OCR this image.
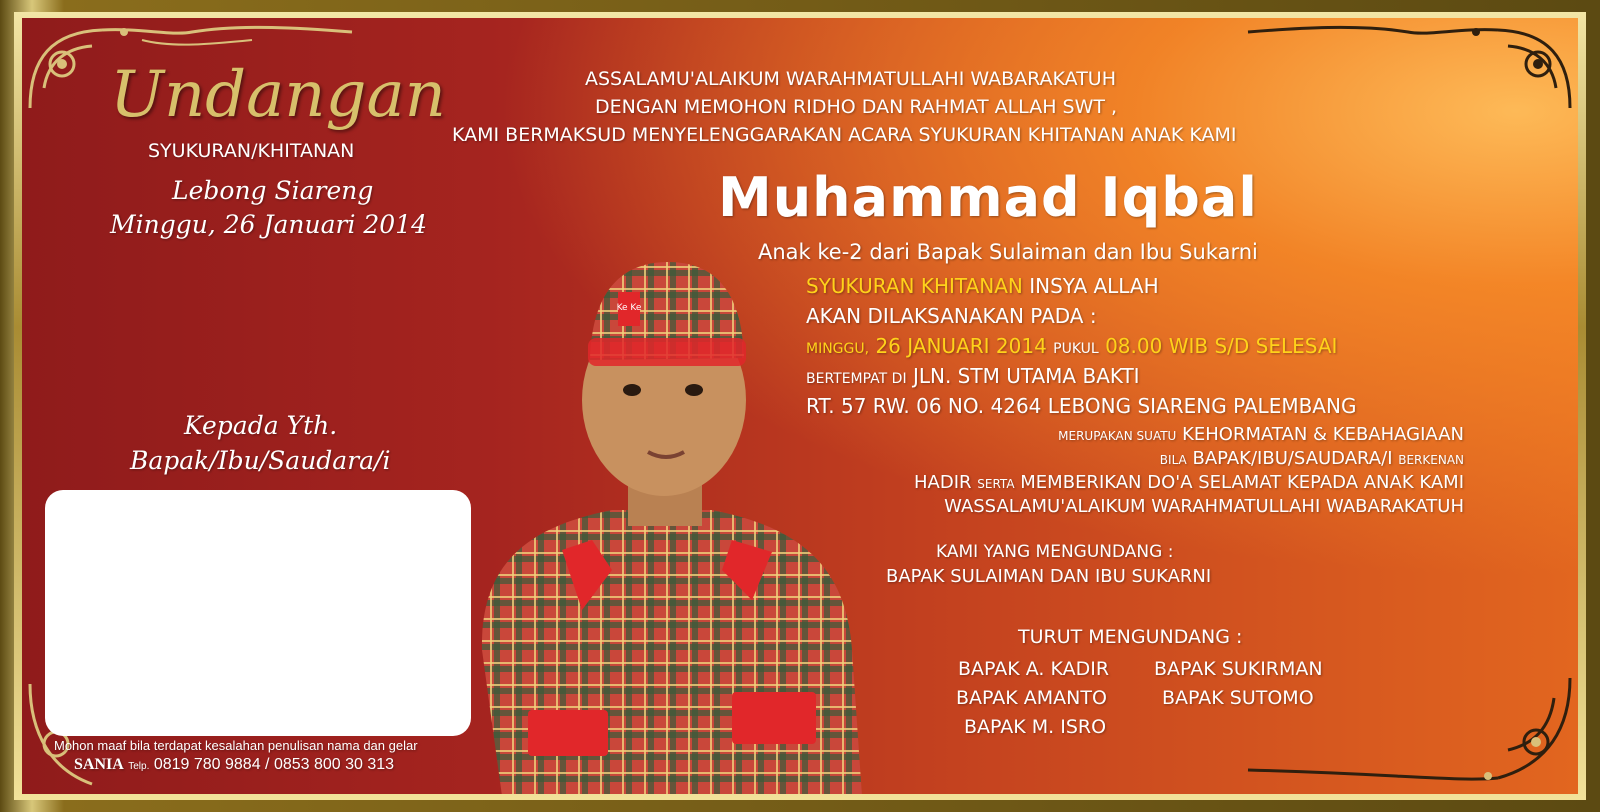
Undangan
SYUKURAN/KHITANAN
Lebong Siareng
Minggu, 26 Januari 2014
Kepada Yth.
Bapak/Ibu/Saudara/i
Mohon maaf bila terdapat kesalahan penulisan nama dan gelar
SANIA Telp. 0819 780 9884 / 0853 800 30 313
Ke Ke
ASSALAMU'ALAIKUM WARAHMATULLAHI WABARAKATUH
DENGAN MEMOHON RIDHO DAN RAHMAT ALLAH SWT ,
KAMI BERMAKSUD MENYELENGGARAKAN ACARA SYUKURAN KHITANAN ANAK KAMI
Muhammad Iqbal
Anak ke-2 dari Bapak Sulaiman dan Ibu Sukarni
SYUKURAN KHITANAN INSYA ALLAH
AKAN DILAKSANAKAN PADA :
MINGGU, 26 JANUARI 2014 PUKUL 08.00 WIB S/D SELESAI
BERTEMPAT DI JLN. STM UTAMA BAKTI
RT. 57 RW. 06 NO. 4264 LEBONG SIARENG PALEMBANG
MERUPAKAN SUATU KEHORMATAN & KEBAHAGIAAN
BILA BAPAK/IBU/SAUDARA/I BERKENAN
HADIR SERTA MEMBERIKAN DO'A SELAMAT KEPADA ANAK KAMI
WASSALAMU'ALAIKUM WARAHMATULLAHI WABARAKATUH
KAMI YANG MENGUNDANG :
BAPAK SULAIMAN DAN IBU SUKARNI
TURUT MENGUNDANG :
BAPAK A. KADIR
BAPAK AMANTO
BAPAK M. ISRO
BAPAK SUKIRMAN
BAPAK SUTOMO
